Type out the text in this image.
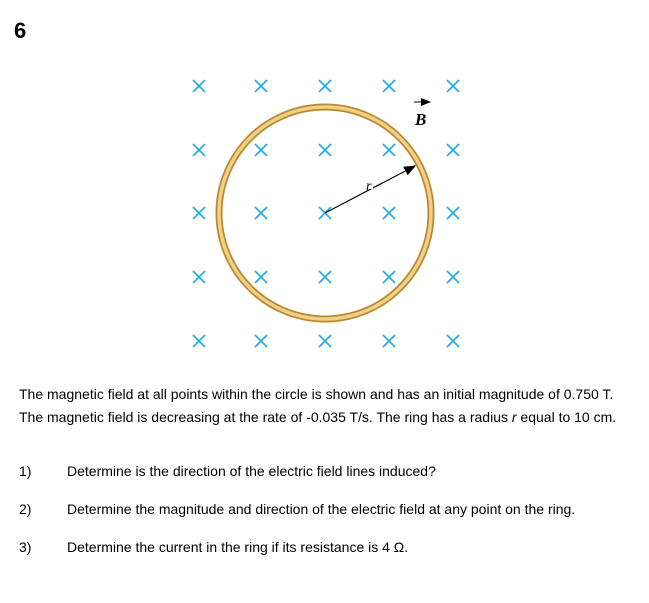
6
r
B
The magnetic field at all points within the circle is shown and has an initial magnitude of 0.750 T. The magnetic field is decreasing at the rate of -0.035 T/s. The ring has a radius r equal to 10 cm.
1)	Determine is the direction of the electric field lines induced?
2)	Determine the magnitude and direction of the electric field at any point on the ring.
3)	Determine the current in the ring if its resistance is 4 Ω.
